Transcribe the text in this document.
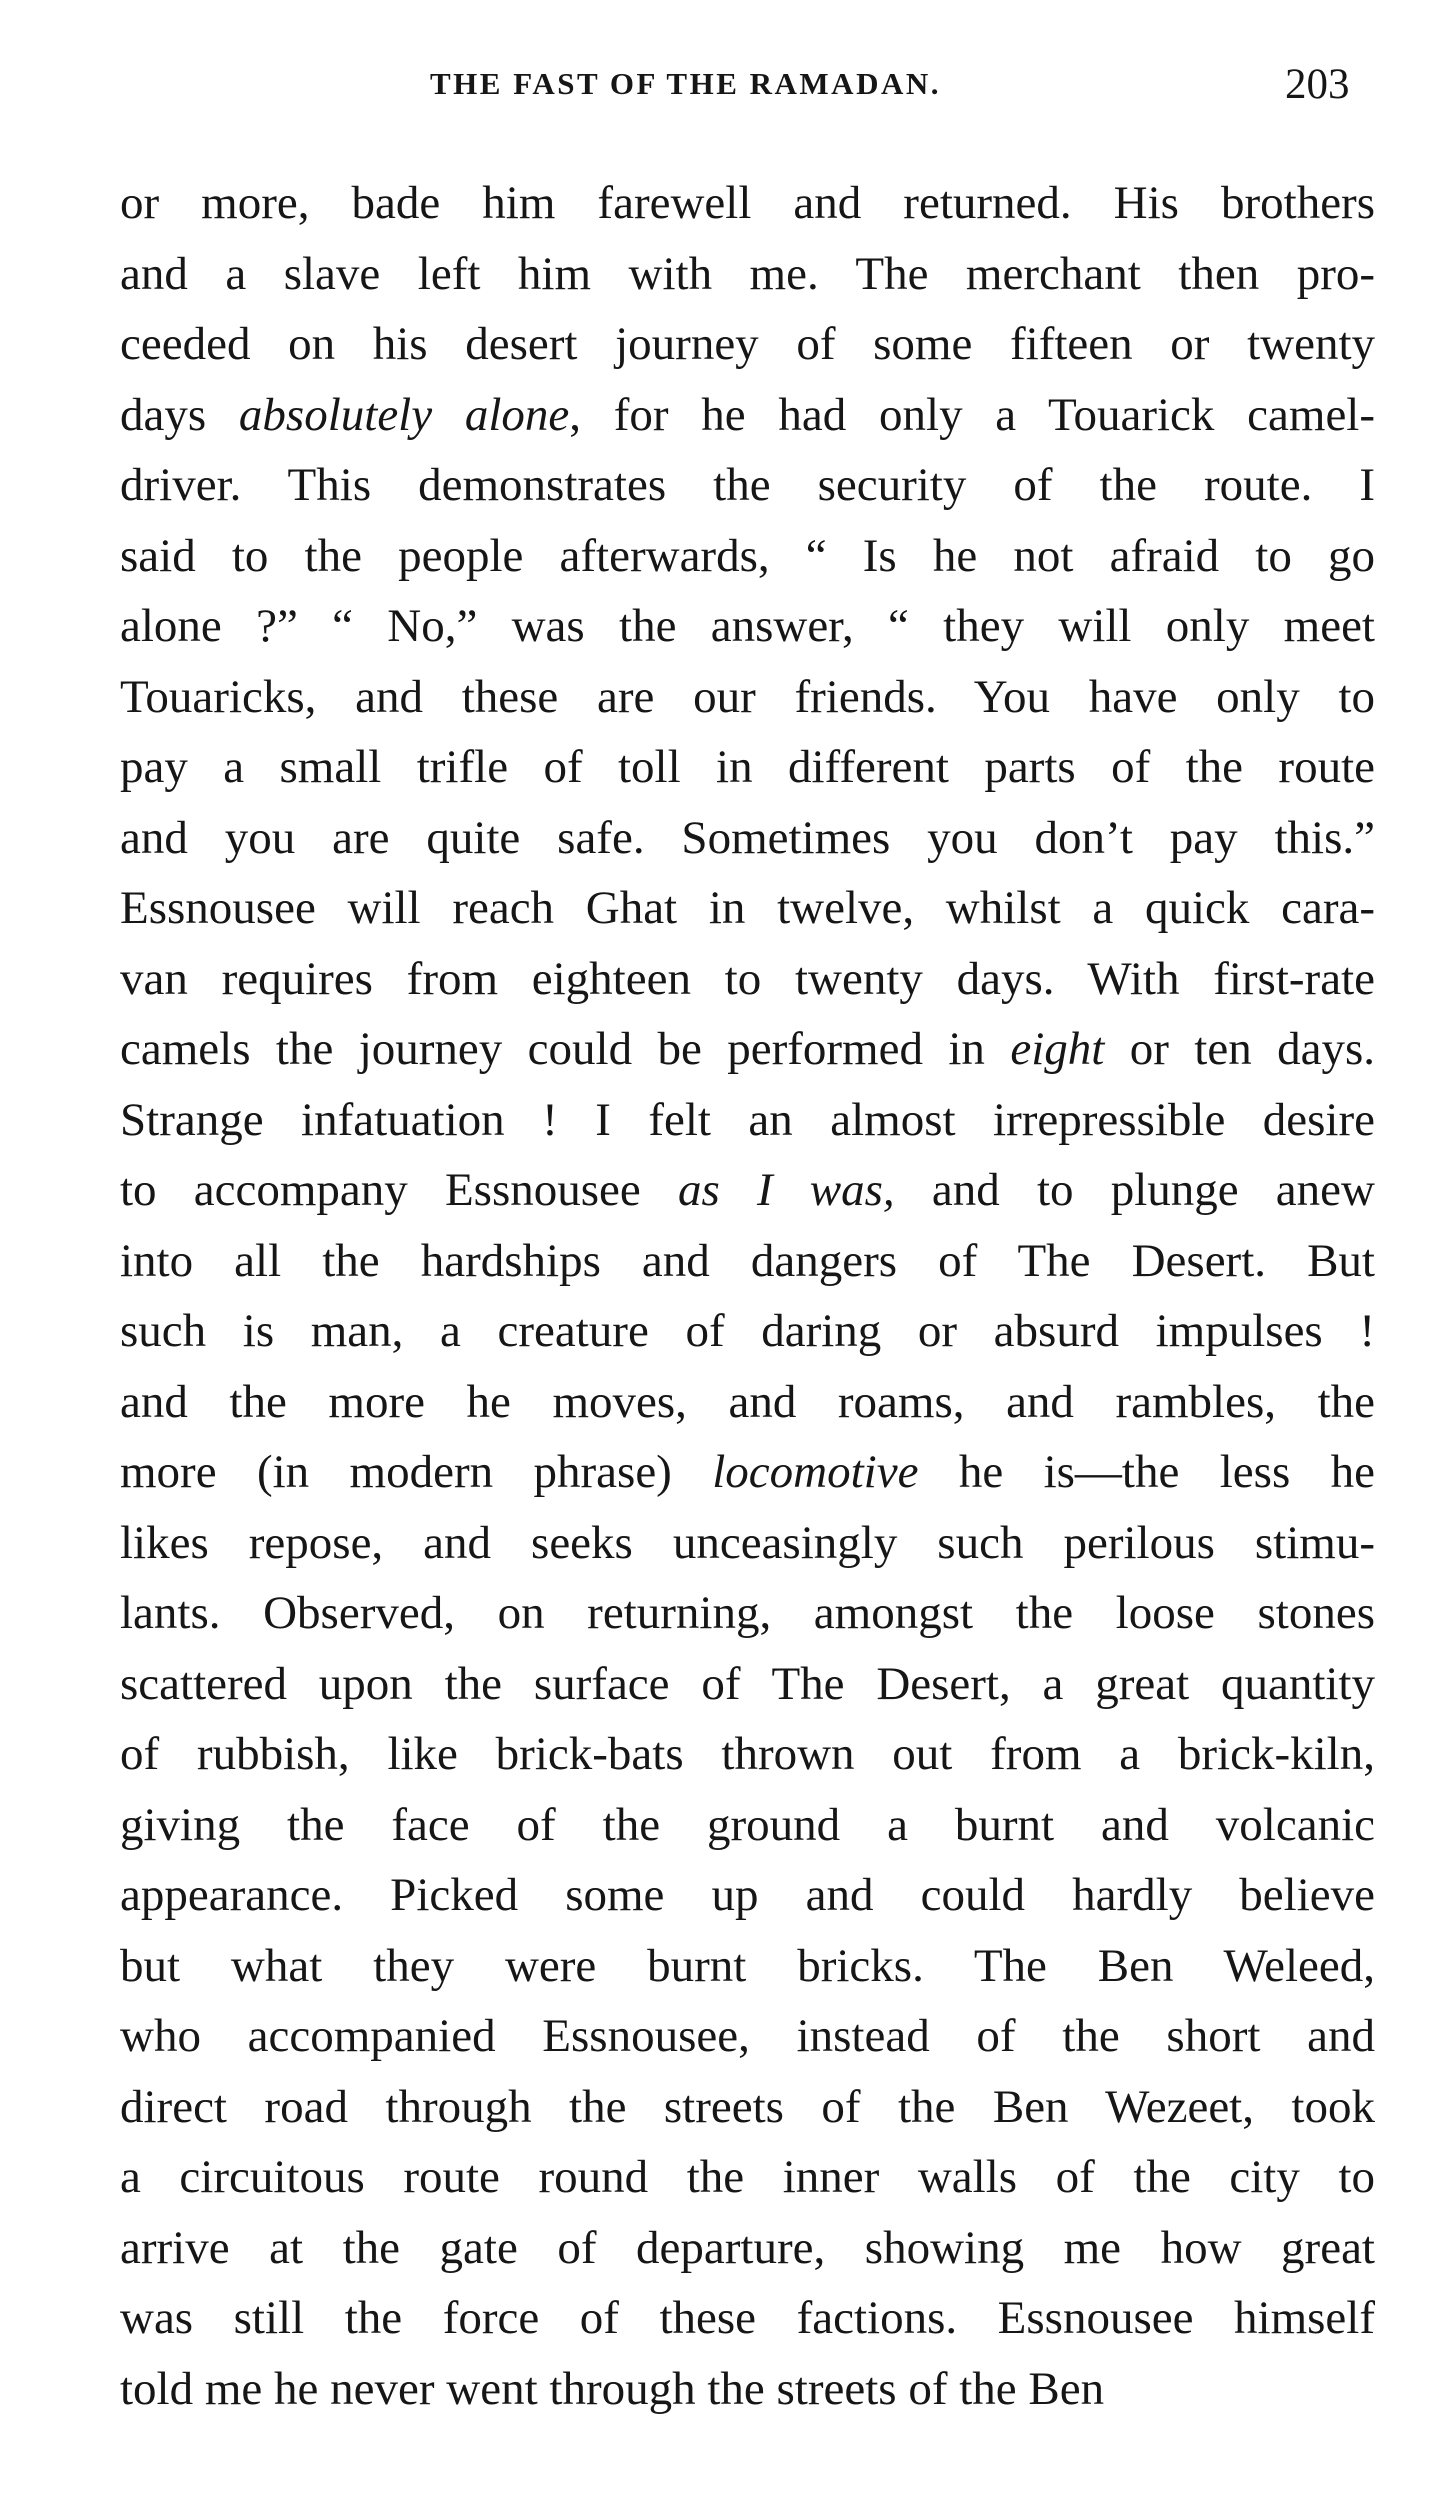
THE FAST OF THE RAMADAN.	203
or more, bade him farewell and returned. His brothers
and a slave left him with me. The merchant then pro-
ceeded on his desert journey of some fifteen or twenty
days absolutely alone, for he had only a Touarick camel-
driver. This demonstrates the security of the route. I
said to the people afterwards, “ Is he not afraid to go
alone ?” “ No,” was the answer, “ they will only meet
Touaricks, and these are our friends. You have only to
pay a small trifle of toll in different parts of the route
and you are quite safe. Sometimes you don’t pay this.”
Essnousee will reach Ghat in twelve, whilst a quick cara-
van requires from eighteen to twenty days. With first-rate
camels the journey could be performed in eight or ten days.
Strange infatuation ! I felt an almost irrepressible desire
to accompany Essnousee as I was, and to plunge anew
into all the hardships and dangers of The Desert. But
such is man, a creature of daring or absurd impulses !
and the more he moves, and roams, and rambles, the
more (in modern phrase) locomotive he is—the less he
likes repose, and seeks unceasingly such perilous stimu-
lants. Observed, on returning, amongst the loose stones
scattered upon the surface of The Desert, a great quantity
of rubbish, like brick-bats thrown out from a brick-kiln,
giving the face of the ground a burnt and volcanic
appearance. Picked some up and could hardly believe
but what they were burnt bricks. The Ben Weleed,
who accompanied Essnousee, instead of the short and
direct road through the streets of the Ben Wezeet, took
a circuitous route round the inner walls of the city to
arrive at the gate of departure, showing me how great
was still the force of these factions. Essnousee himself
told me he never went through the streets of the Ben
